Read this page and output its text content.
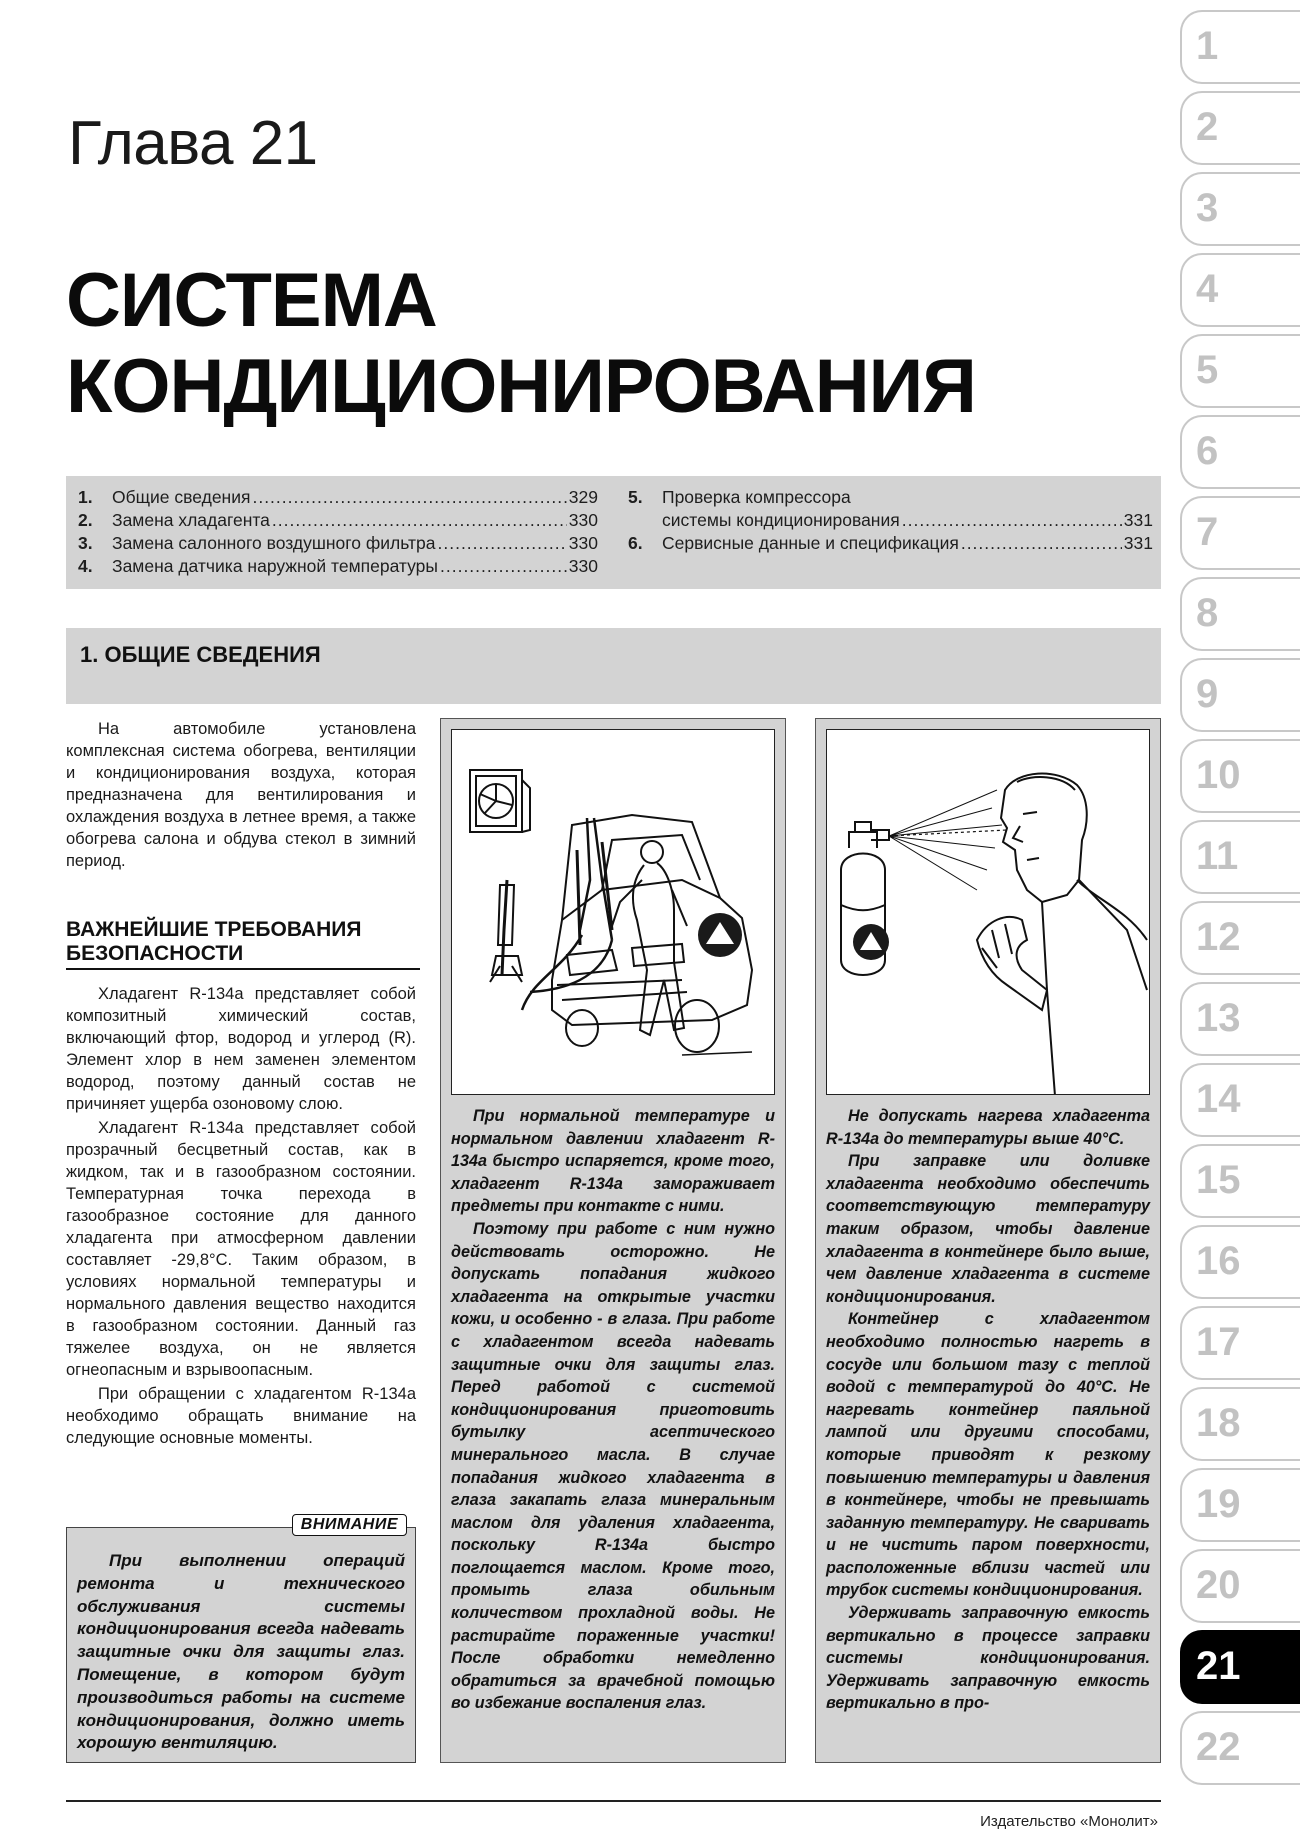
Глава 21
СИСТЕМА
КОНДИЦИОНИРОВАНИЯ
1.	Общие сведения .....	329
2.	Замена хладагента .....	330
3.	Замена салонного воздушного фильтра .....	330
4.	Замена датчика наружной температуры .....	330
5.	Проверка компрессора
системы кондиционирования .....	331
6.	Сервисные данные и спецификация .....	331
1. ОБЩИЕ СВЕДЕНИЯ

На автомобиле установлена комплексная система обогрева, вентиляции и кондиционирования воздуха, которая предназначена для вентилирования и охлаждения воздуха в летнее время, а также обогрева салона и обдува стекол в зимний период.

ВАЖНЕЙШИЕ ТРЕБОВАНИЯ
БЕЗОПАСНОСТИ

Хладагент R-134a представляет собой композитный химический состав, включающий фтор, водород и углерод (R). Элемент хлор в нем заменен элементом водород, поэтому данный состав не причиняет ущерба озоновому слою.

Хладагент R-134a представляет собой прозрачный бесцветный состав, как в жидком, так и в газообразном состоянии. Температурная точка перехода в газообразное состояние для данного хладагента при атмосферном давлении составляет -29,8°C. Таким образом, в условиях нормальной температуры и нормального давления вещество находится в газообразном состоянии. Данный газ тяжелее воздуха, он не является огнеопасным и взрывоопасным.

При обращении с хладагентом R-134a необходимо обращать внимание на следующие основные моменты.

ВНИМАНИЕ

При выполнении операций ремонта и технического обслуживания системы кондиционирования всегда надевать защитные очки для защиты глаз. Помещение, в котором будут производиться работы на системе кондиционирования, должно иметь хорошую вентиляцию.

При нормальной температуре и нормальном давлении хладагент R-134a быстро испаряется, кроме того, хладагент R-134a замораживает предметы при контакте с ними.

Поэтому при работе с ним нужно действовать осторожно. Не допускать попадания жидкого хладагента на открытые участки кожи, и особенно - в глаза. При работе с хладагентом всегда надевать защитные очки для защиты глаз. Перед работой с системой кондиционирования приготовить бутылку асептического минерального масла. В случае попадания жидкого хладагента в глаза закапать глаза минеральным маслом для удаления хладагента, поскольку R-134a быстро поглощается маслом. Кроме того, промыть глаза обильным количеством прохладной воды. Не растирайте пораженные участки! После обработки немедленно обратиться за врачебной помощью во избежание воспаления глаз.

Не допускать нагрева хладагента R-134a до температуры выше 40°C.

При заправке или доливке хладагента необходимо обеспечить соответствующую температуру таким образом, чтобы давление хладагента в контейнере было выше, чем давление хладагента в системе кондиционирования.

Контейнер с хладагентом необходимо полностью нагреть в сосуде или большом тазу с теплой водой с температурой до 40°C. Не нагревать контейнер паяльной лампой или другими способами, которые приводят к резкому повышению температуры и давления в контейнере, чтобы не превышать заданную температуру. Не сваривать и не чистить паром поверхности, расположенные вблизи частей или трубок системы кондиционирования.

Удерживать заправочную емкость вертикально в процессе заправки системы кондиционирования. Удерживать заправочную емкость вертикально в про-

Издательство «Монолит»
1
2
3
4
5
6
7
8
9
10
11
12
13
14
15
16
17
18
19
20
21
22
